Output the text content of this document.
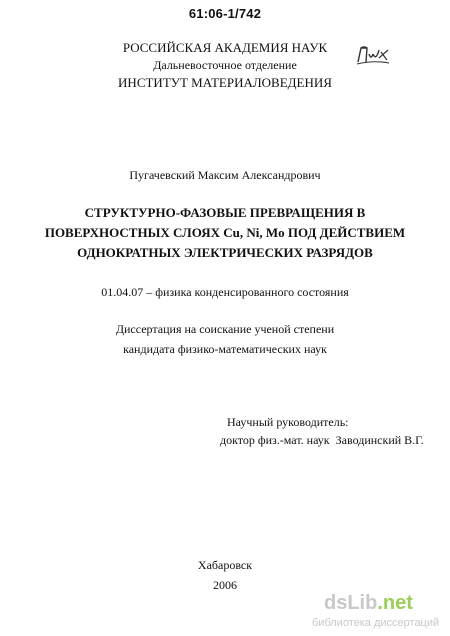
61:06-1/742
РОССИЙСКАЯ АКАДЕМИЯ НАУК
Дальневосточное отделение
ИНСТИТУТ МАТЕРИАЛОВЕДЕНИЯ
Пугачевский Максим Александрович
СТРУКТУРНО-ФАЗОВЫЕ ПРЕВРАЩЕНИЯ В
ПОВЕРХНОСТНЫХ СЛОЯХ Cu, Ni, Mo ПОД ДЕЙСТВИЕМ
ОДНОКРАТНЫХ ЭЛЕКТРИЧЕСКИХ РАЗРЯДОВ
01.04.07 – физика конденсированного состояния
Диссертация на соискание ученой степени
кандидата физико-математических наук
Научный руководитель:
доктор физ.-мат. наук Заводинский В.Г.
Хабаровск
2006
dsLib.net
библиотека диссертаций
